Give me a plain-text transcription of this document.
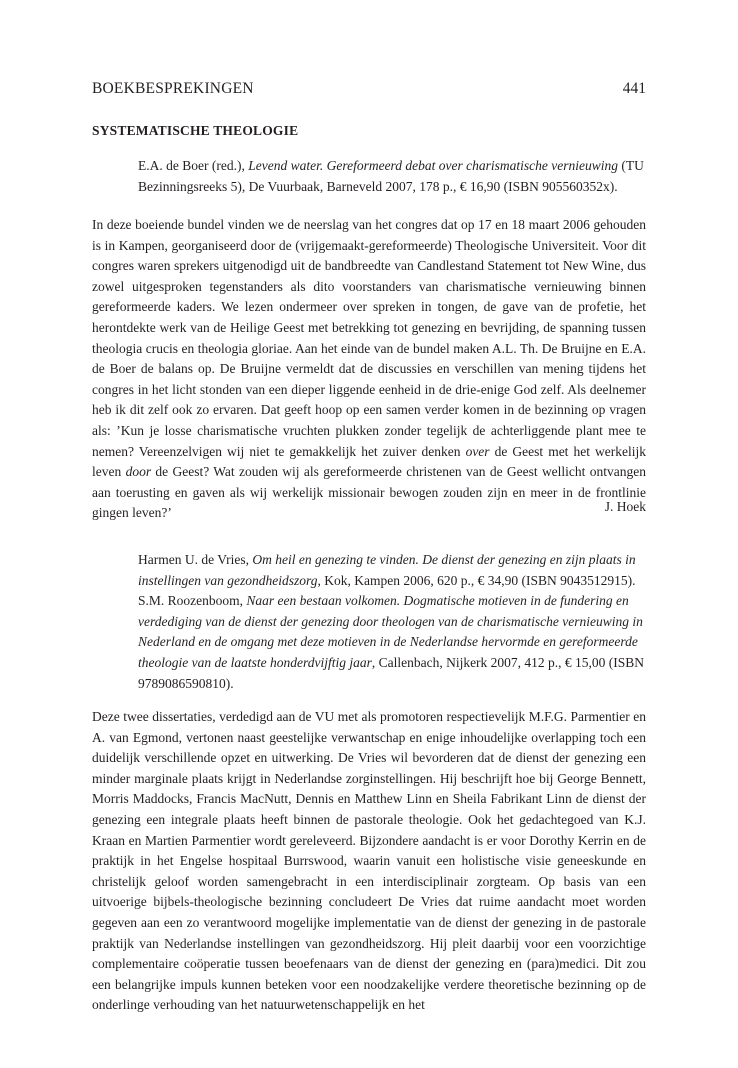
BOEKBESPREKINGEN	441
SYSTEMATISCHE THEOLOGIE
E.A. de Boer (red.), Levend water. Gereformeerd debat over charismatische vernieuwing (TU Bezinningsreeks 5), De Vuurbaak, Barneveld 2007, 178 p., € 16,90 (ISBN 905560352x).
In deze boeiende bundel vinden we de neerslag van het congres dat op 17 en 18 maart 2006 gehouden is in Kampen, georganiseerd door de (vrijgemaakt-gereformeerde) Theologische Universiteit. Voor dit congres waren sprekers uitgenodigd uit de bandbreedte van Candlestand Statement tot New Wine, dus zowel uitgesproken tegenstanders als dito voorstanders van charismatische vernieuwing binnen gereformeerde kaders. We lezen ondermeer over spreken in tongen, de gave van de profetie, het herontdekte werk van de Heilige Geest met betrekking tot genezing en bevrijding, de spanning tussen theologia crucis en theologia gloriae. Aan het einde van de bundel maken A.L. Th. De Bruijne en E.A. de Boer de balans op. De Bruijne vermeldt dat de discussies en verschillen van mening tijdens het congres in het licht stonden van een dieper liggende eenheid in de drie-enige God zelf. Als deelnemer heb ik dit zelf ook zo ervaren. Dat geeft hoop op een samen verder komen in de bezinning op vragen als: ’Kun je losse charismatische vruchten plukken zonder tegelijk de achterliggende plant mee te nemen? Vereenzelvigen wij niet te gemakkelijk het zuiver denken over de Geest met het werkelijk leven door de Geest? Wat zouden wij als gereformeerde christenen van de Geest wellicht ontvangen aan toerusting en gaven als wij werkelijk missionair bewogen zouden zijn en meer in de frontlinie gingen leven?’	J. Hoek
Harmen U. de Vries, Om heil en genezing te vinden. De dienst der genezing en zijn plaats in instellingen van gezondheidszorg, Kok, Kampen 2006, 620 p., € 34,90 (ISBN 9043512915). S.M. Roozenboom, Naar een bestaan volkomen. Dogmatische motieven in de fundering en verdediging van de dienst der genezing door theologen van de charismatische vernieuwing in Nederland en de omgang met deze motieven in de Nederlandse hervormde en gereformeerde theologie van de laatste honderdvijftig jaar, Callenbach, Nijkerk 2007, 412 p., € 15,00 (ISBN 9789086590810).
Deze twee dissertaties, verdedigd aan de VU met als promotoren respectievelijk M.F.G. Parmentier en A. van Egmond, vertonen naast geestelijke verwantschap en enige inhoudelijke overlapping toch een duidelijk verschillende opzet en uitwerking. De Vries wil bevorderen dat de dienst der genezing een minder marginale plaats krijgt in Nederlandse zorginstellingen. Hij beschrijft hoe bij George Bennett, Morris Maddocks, Francis MacNutt, Dennis en Matthew Linn en Sheila Fabrikant Linn de dienst der genezing een integrale plaats heeft binnen de pastorale theologie. Ook het gedachtegoed van K.J. Kraan en Martien Parmentier wordt gereleveerd. Bijzondere aandacht is er voor Dorothy Kerrin en de praktijk in het Engelse hospitaal Burrswood, waarin vanuit een holistische visie geneeskunde en christelijk geloof worden samengebracht in een interdisciplinair zorgteam. Op basis van een uitvoerige bijbels-theologische bezinning concludeert De Vries dat ruime aandacht moet worden gegeven aan een zo verantwoord mogelijke implementatie van de dienst der genezing in de pastorale praktijk van Nederlandse instellingen van gezondheidszorg. Hij pleit daarbij voor een voorzichtige complementaire coöperatie tussen beoefenaars van de dienst der genezing en (para)medici. Dit zou een belangrijke impuls kunnen beteken voor een noodzakelijke verdere theoretische bezinning op de onderlinge verhouding van het natuurwetenschappelijk en het
